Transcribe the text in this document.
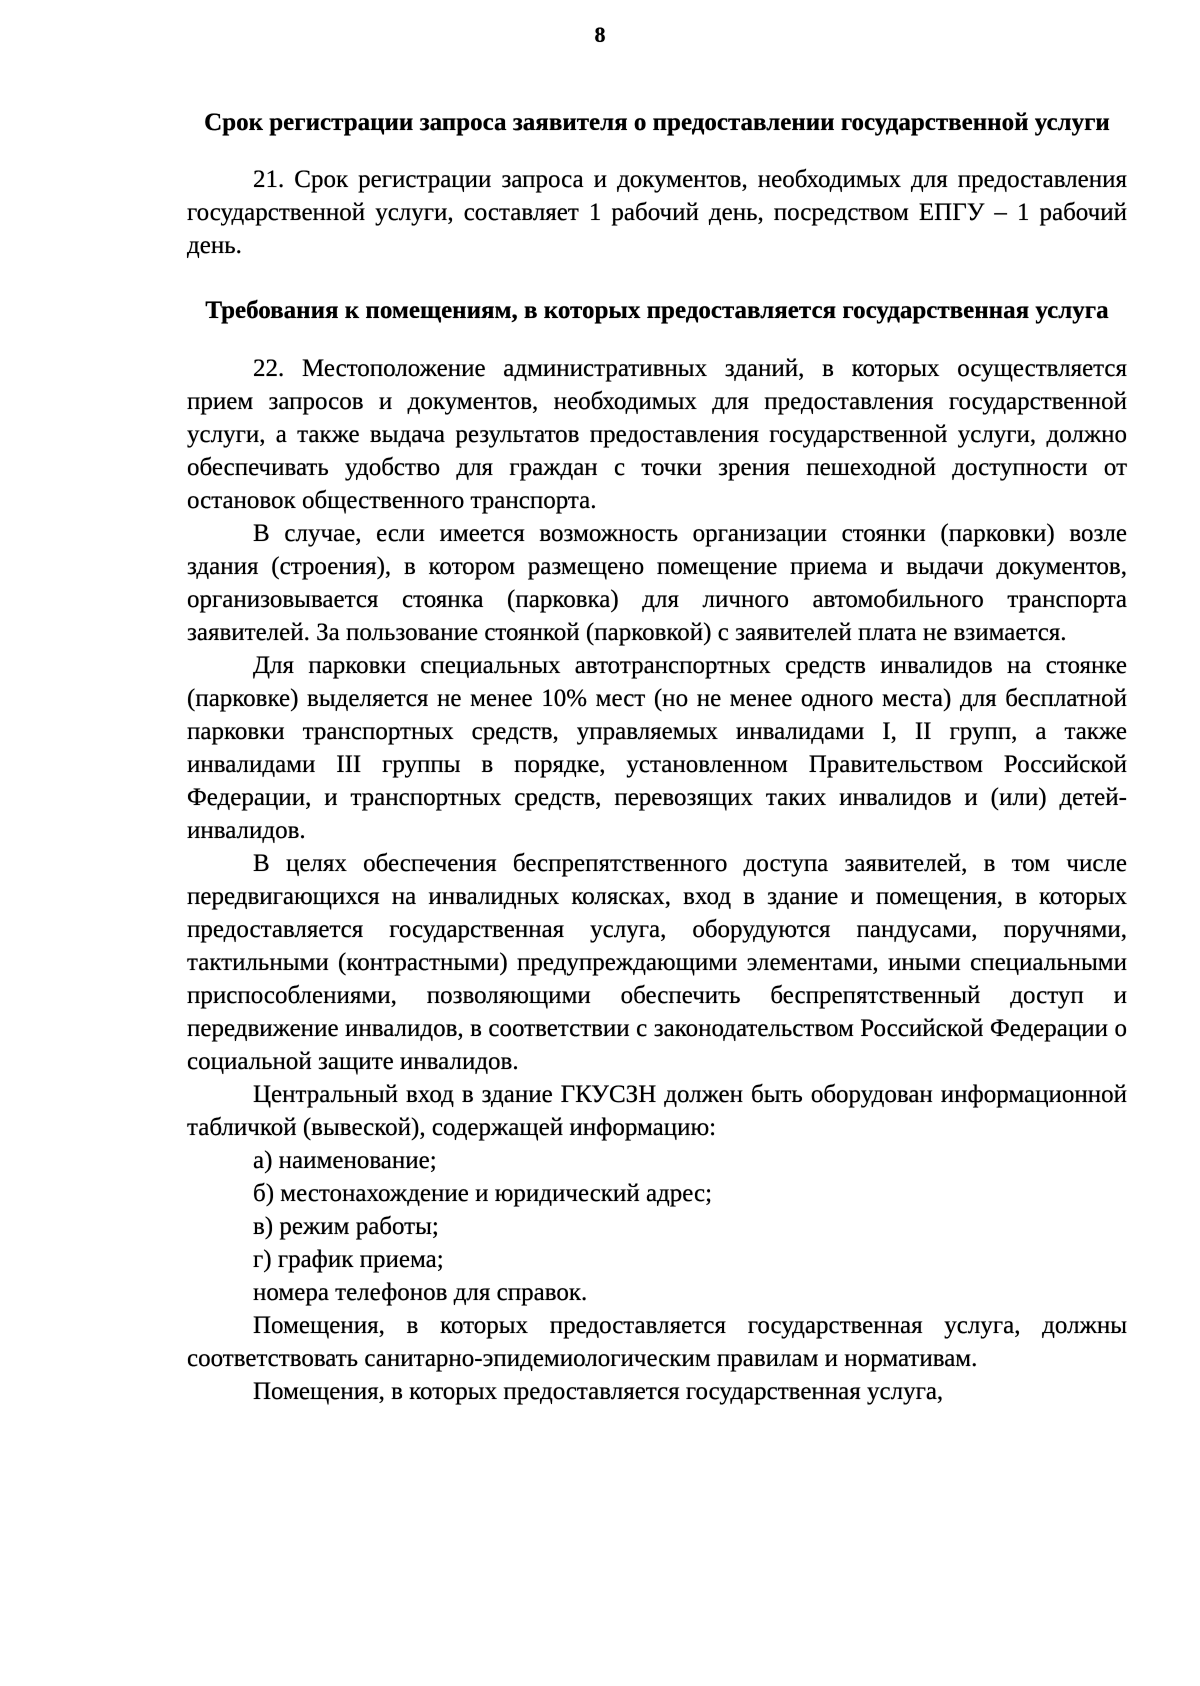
8
Срок регистрации запроса заявителя о предоставлении государственной услуги

21. Срок регистрации запроса и документов, необходимых для предоставления государственной услуги, составляет 1 рабочий день, посредством ЕПГУ – 1 рабочий день.

Требования к помещениям, в которых предоставляется государственная услуга

22. Местоположение административных зданий, в которых осуществляется прием запросов и документов, необходимых для предоставления государственной услуги, а также выдача результатов предоставления государственной услуги, должно обеспечивать удобство для граждан с точки зрения пешеходной доступности от остановок общественного транспорта.

В случае, если имеется возможность организации стоянки (парковки) возле здания (строения), в котором размещено помещение приема и выдачи документов, организовывается стоянка (парковка) для личного автомобильного транспорта заявителей. За пользование стоянкой (парковкой) с заявителей плата не взимается.

Для парковки специальных автотранспортных средств инвалидов на стоянке (парковке) выделяется не менее 10% мест (но не менее одного места) для бесплатной парковки транспортных средств, управляемых инвалидами I, II групп, а также инвалидами III группы в порядке, установленном Правительством Российской Федерации, и транспортных средств, перевозящих таких инвалидов и (или) детей-инвалидов.

В целях обеспечения беспрепятственного доступа заявителей, в том числе передвигающихся на инвалидных колясках, вход в здание и помещения, в которых предоставляется государственная услуга, оборудуются пандусами, поручнями, тактильными (контрастными) предупреждающими элементами, иными специальными приспособлениями, позволяющими обеспечить беспрепятственный доступ и передвижение инвалидов, в соответствии с законодательством Российской Федерации о социальной защите инвалидов.

Центральный вход в здание ГКУСЗН должен быть оборудован информационной табличкой (вывеской), содержащей информацию:

а) наименование;

б) местонахождение и юридический адрес;

в) режим работы;

г) график приема;

номера телефонов для справок.

Помещения, в которых предоставляется государственная услуга, должны соответствовать санитарно-эпидемиологическим правилам и нормативам.

Помещения, в которых предоставляется государственная услуга,
